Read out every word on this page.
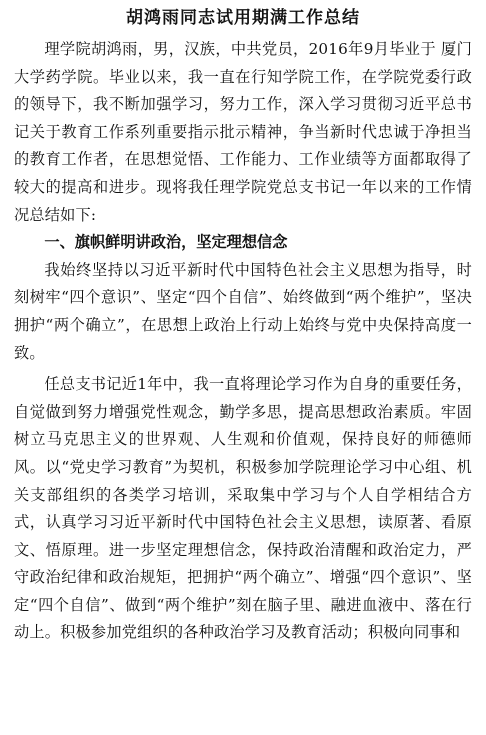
胡鸿雨同志试用期满工作总结

理学院胡鸿雨，男，汉族，中共党员，2016年9月毕业于 厦门大学药学院。毕业以来，我一直在行知学院工作，在学院党委行政的领导下，我不断加强学习，努力工作，深入学习贯彻习近平总书记关于教育工作系列重要指示批示精神，争当新时代忠诚于净担当的教育工作者，在思想觉悟、工作能力、工作业绩等方面都取得了较大的提高和进步。现将我任理学院党总支书记一年以来的工作情况总结如下:

一、旗帜鲜明讲政治，坚定理想信念

我始终坚持以习近平新时代中国特色社会主义思想为指导，时刻树牢“四个意识”、坚定“四个自信”、始终做到“两个维护”，坚决拥护“两个确立”，在思想上政治上行动上始终与党中央保持高度一致。

任总支书记近1年中，我一直将理论学习作为自身的重要任务，自觉做到努力增强党性观念，勤学多思，提高思想政治素质。牢固树立马克思主义的世界观、人生观和价值观，保持良好的师德师风。以“党史学习教育”为契机，积极参加学院理论学习中心组、机关支部组织的各类学习培训，采取集中学习与个人自学相结合方式，认真学习习近平新时代中国特色社会主义思想，读原著、看原文、悟原理。进一步坚定理想信念，保持政治清醒和政治定力，严守政治纪律和政治规矩，把拥护“两个确立”、增强“四个意识”、坚定“四个自信”、做到“两个维护”刻在脑子里、融进血液中、落在行动上。积极参加党组织的各种政治学习及教育活动；积极向同事和
